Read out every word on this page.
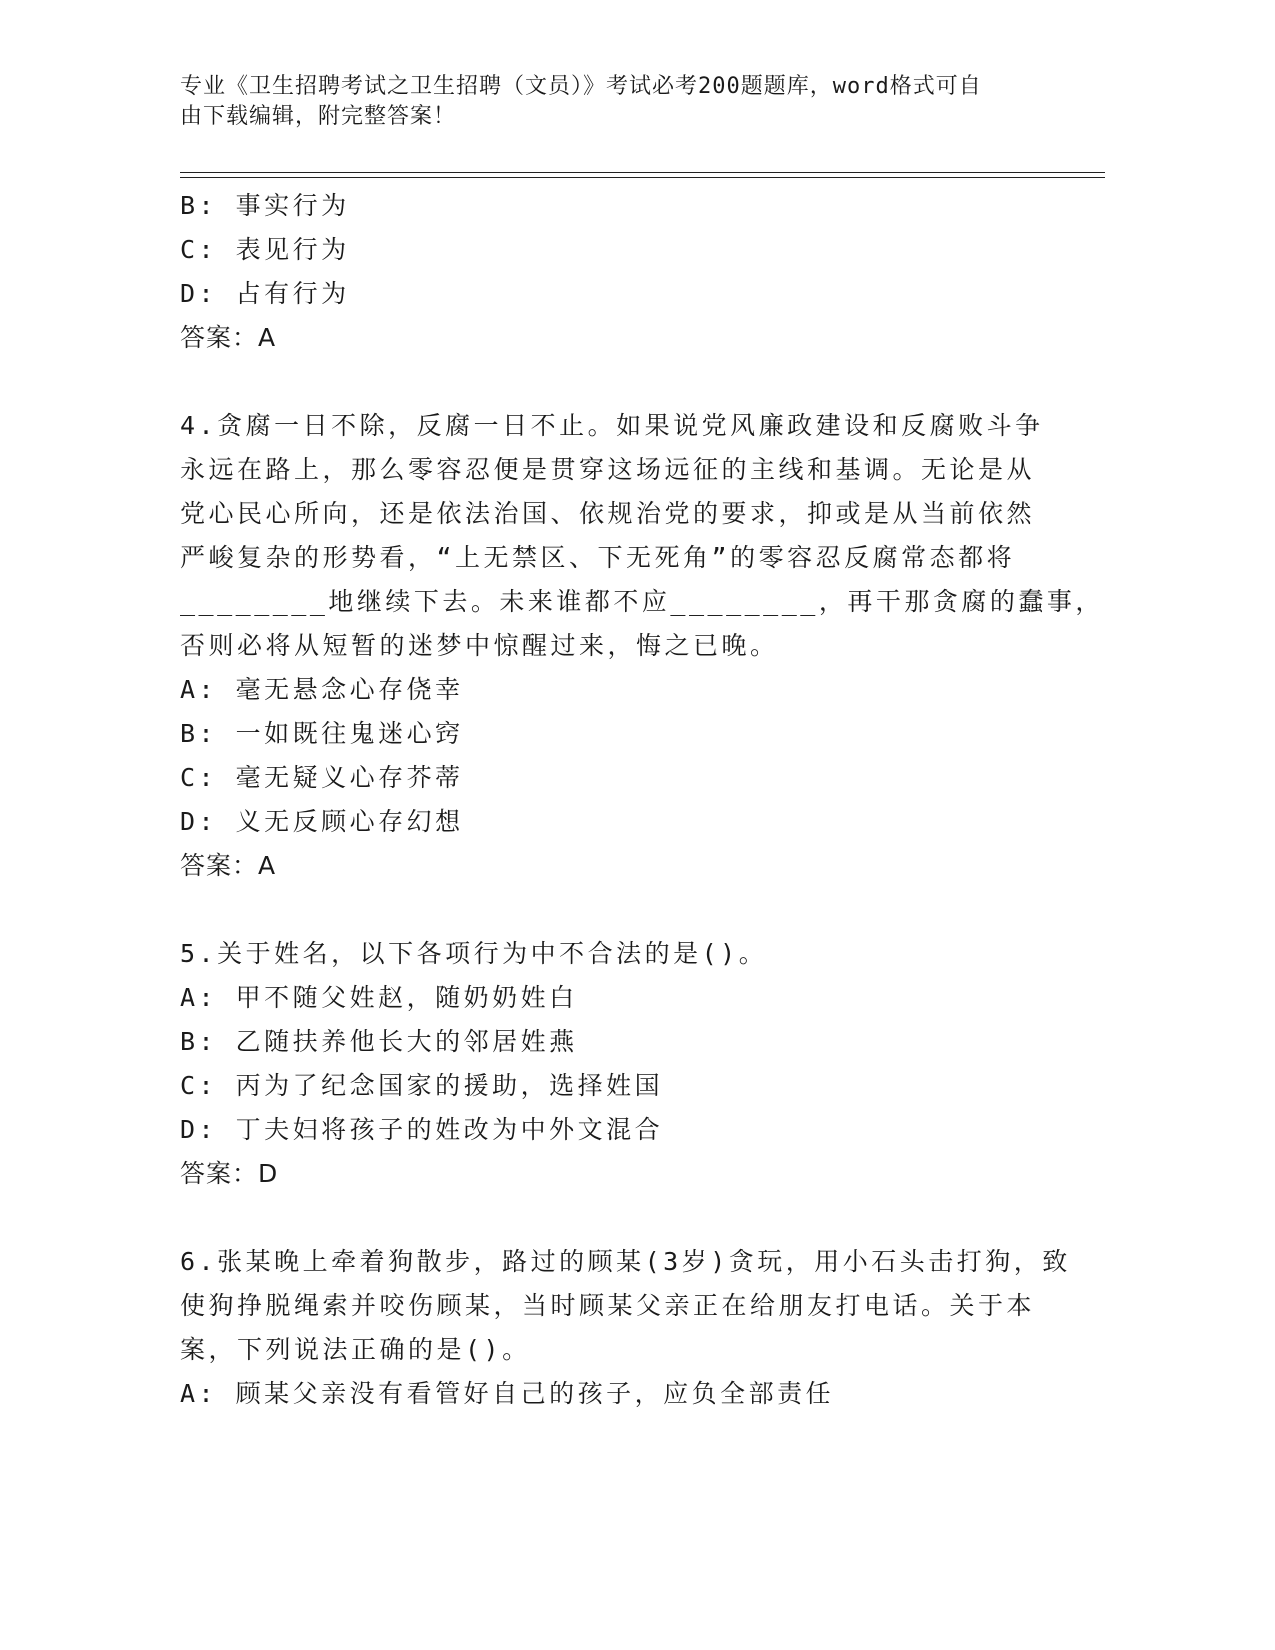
专业《卫生招聘考试之卫生招聘（文员）》考试必考200题题库，word格式可自
由下载编辑，附完整答案！
B: 事实行为
C: 表见行为
D: 占有行为
答案：A
4.贪腐一日不除，反腐一日不止。如果说党风廉政建设和反腐败斗争
永远在路上，那么零容忍便是贯穿这场远征的主线和基调。无论是从
党心民心所向，还是依法治国、依规治党的要求，抑或是从当前依然
严峻复杂的形势看，“上无禁区、下无死角”的零容忍反腐常态都将
________地继续下去。未来谁都不应________，再干那贪腐的蠢事，
否则必将从短暂的迷梦中惊醒过来，悔之已晚。
A: 毫无悬念心存侥幸
B: 一如既往鬼迷心窍
C: 毫无疑义心存芥蒂
D: 义无反顾心存幻想
答案：A
5.关于姓名，以下各项行为中不合法的是()。
A: 甲不随父姓赵，随奶奶姓白
B: 乙随扶养他长大的邻居姓燕
C: 丙为了纪念国家的援助，选择姓国
D: 丁夫妇将孩子的姓改为中外文混合
答案：D
6.张某晚上牵着狗散步，路过的顾某(3岁)贪玩，用小石头击打狗，致
使狗挣脱绳索并咬伤顾某，当时顾某父亲正在给朋友打电话。关于本
案，下列说法正确的是()。
A: 顾某父亲没有看管好自己的孩子，应负全部责任
